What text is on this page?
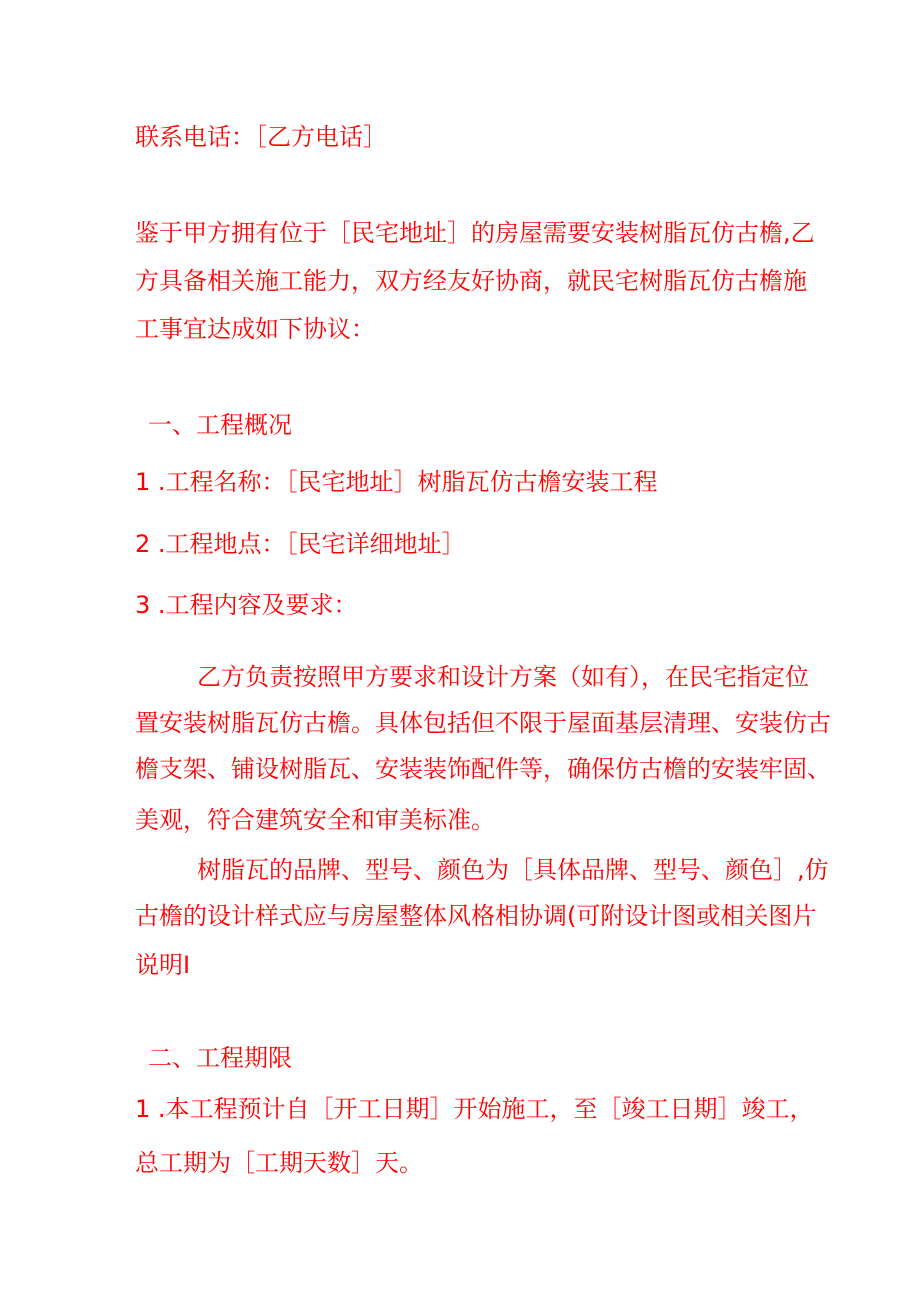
联系电话：［乙方电话］
鉴于甲方拥有位于［民宅地址］的房屋需要安装树脂瓦仿古檐,乙
方具备相关施工能力，双方经友好协商，就民宅树脂瓦仿古檐施
工事宜达成如下协议：
一、工程概况
1 .工程名称：［民宅地址］树脂瓦仿古檐安装工程
2 .工程地点：［民宅详细地址］
3 .工程内容及要求：
乙方负责按照甲方要求和设计方案（如有），在民宅指定位
置安装树脂瓦仿古檐。具体包括但不限于屋面基层清理、安装仿古
檐支架、铺设树脂瓦、安装装饰配件等，确保仿古檐的安装牢固、
美观，符合建筑安全和审美标准。
树脂瓦的品牌、型号、颜色为［具体品牌、型号、颜色］,仿
古檐的设计样式应与房屋整体风格相协调(可附设计图或相关图片
说明I
二、工程期限
1 .本工程预计自［开工日期］开始施工，至［竣工日期］竣工，
总工期为［工期天数］天。
